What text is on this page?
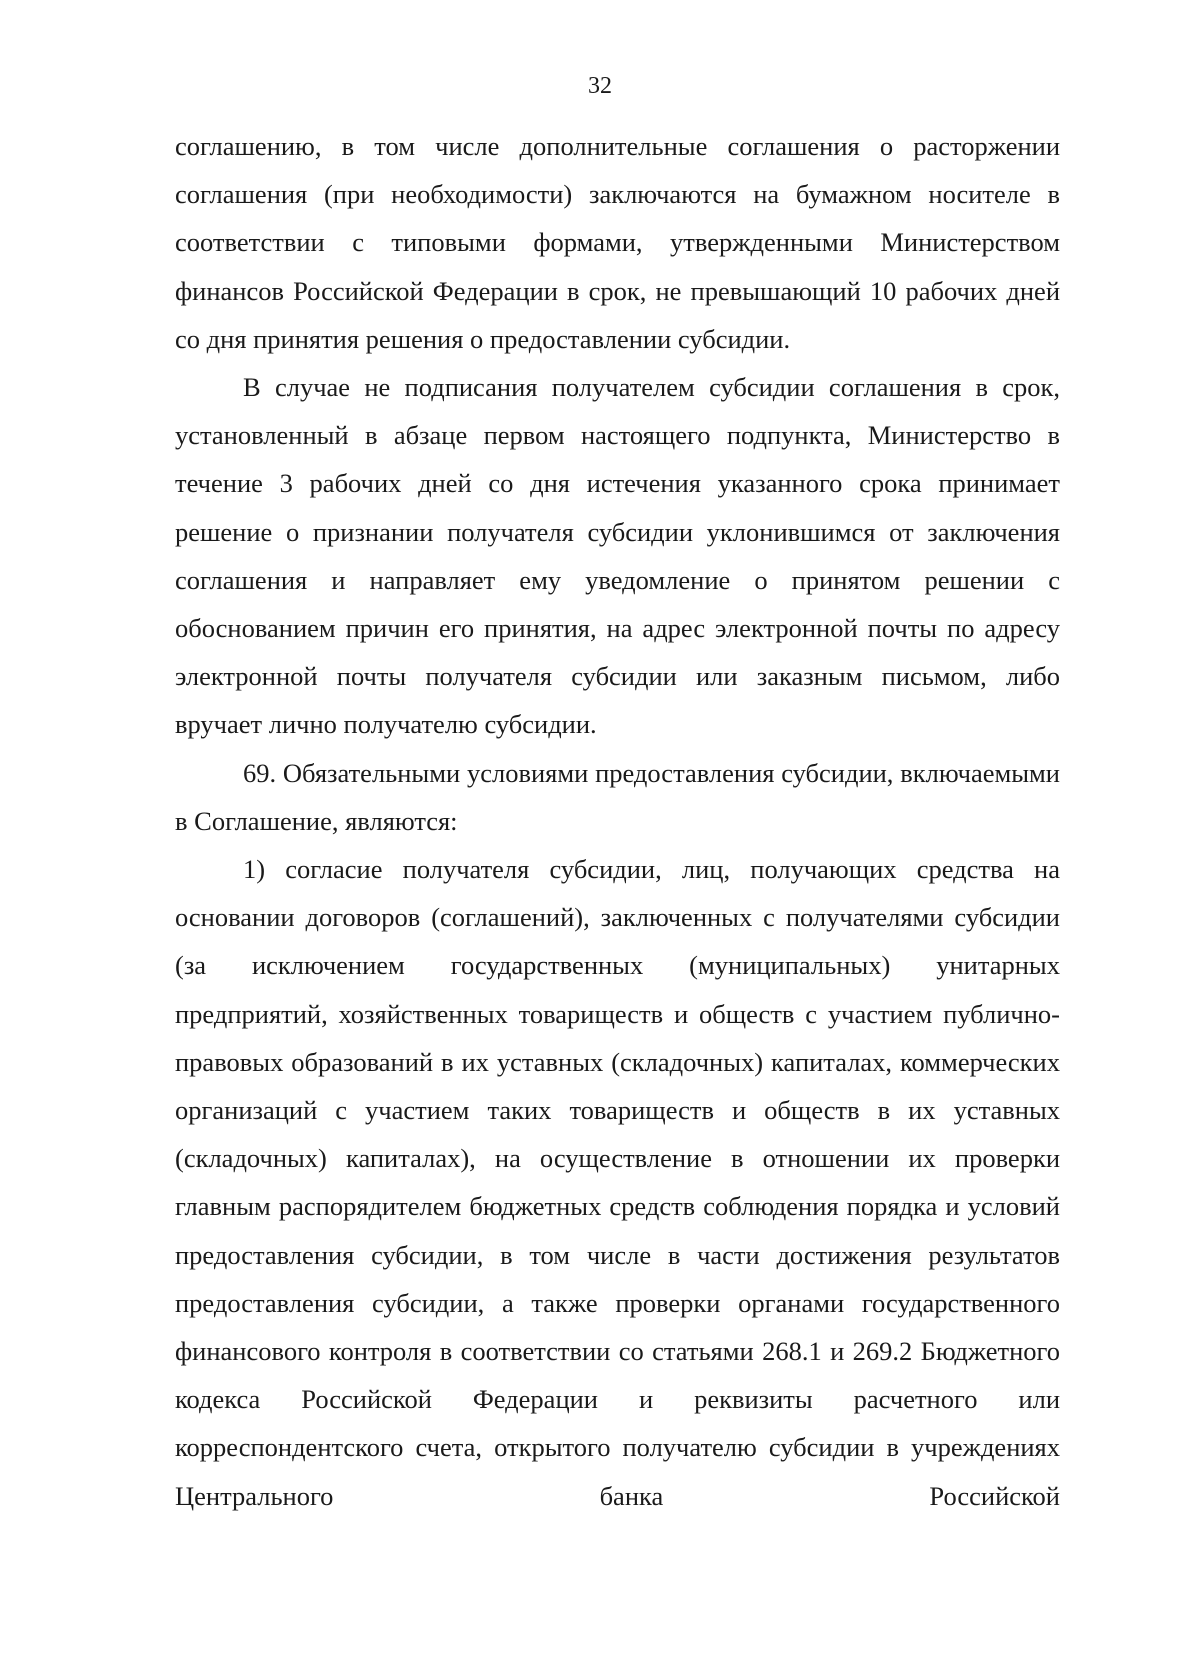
32

соглашению, в том числе дополнительные соглашения о расторжении соглашения (при необходимости) заключаются на бумажном носителе в соответствии с типовыми формами, утвержденными Министерством финансов Российской Федерации в срок, не превышающий 10 рабочих дней со дня принятия решения о предоставлении субсидии.

В случае не подписания получателем субсидии соглашения в срок, установленный в абзаце первом настоящего подпункта, Министерство в течение 3 рабочих дней со дня истечения указанного срока принимает решение о признании получателя субсидии уклонившимся от заключения соглашения и направляет ему уведомление о принятом решении с обоснованием причин его принятия, на адрес электронной почты по адресу электронной почты получателя субсидии или заказным письмом, либо вручает лично получателю субсидии.

69. Обязательными условиями предоставления субсидии, включаемыми в Соглашение, являются:

1) согласие получателя субсидии, лиц, получающих средства на основании договоров (соглашений), заключенных с получателями субсидии (за исключением государственных (муниципальных) унитарных предприятий, хозяйственных товариществ и обществ с участием публично-правовых образований в их уставных (складочных) капиталах, коммерческих организаций с участием таких товариществ и обществ в их уставных (складочных) капиталах), на осуществление в отношении их проверки главным распорядителем бюджетных средств соблюдения порядка и условий предоставления субсидии, в том числе в части достижения результатов предоставления субсидии, а также проверки органами государственного финансового контроля в соответствии со статьями 268.1 и 269.2 Бюджетного кодекса Российской Федерации и реквизиты расчетного или корреспондентского счета, открытого получателю субсидии в учреждениях Центрального банка Российской
